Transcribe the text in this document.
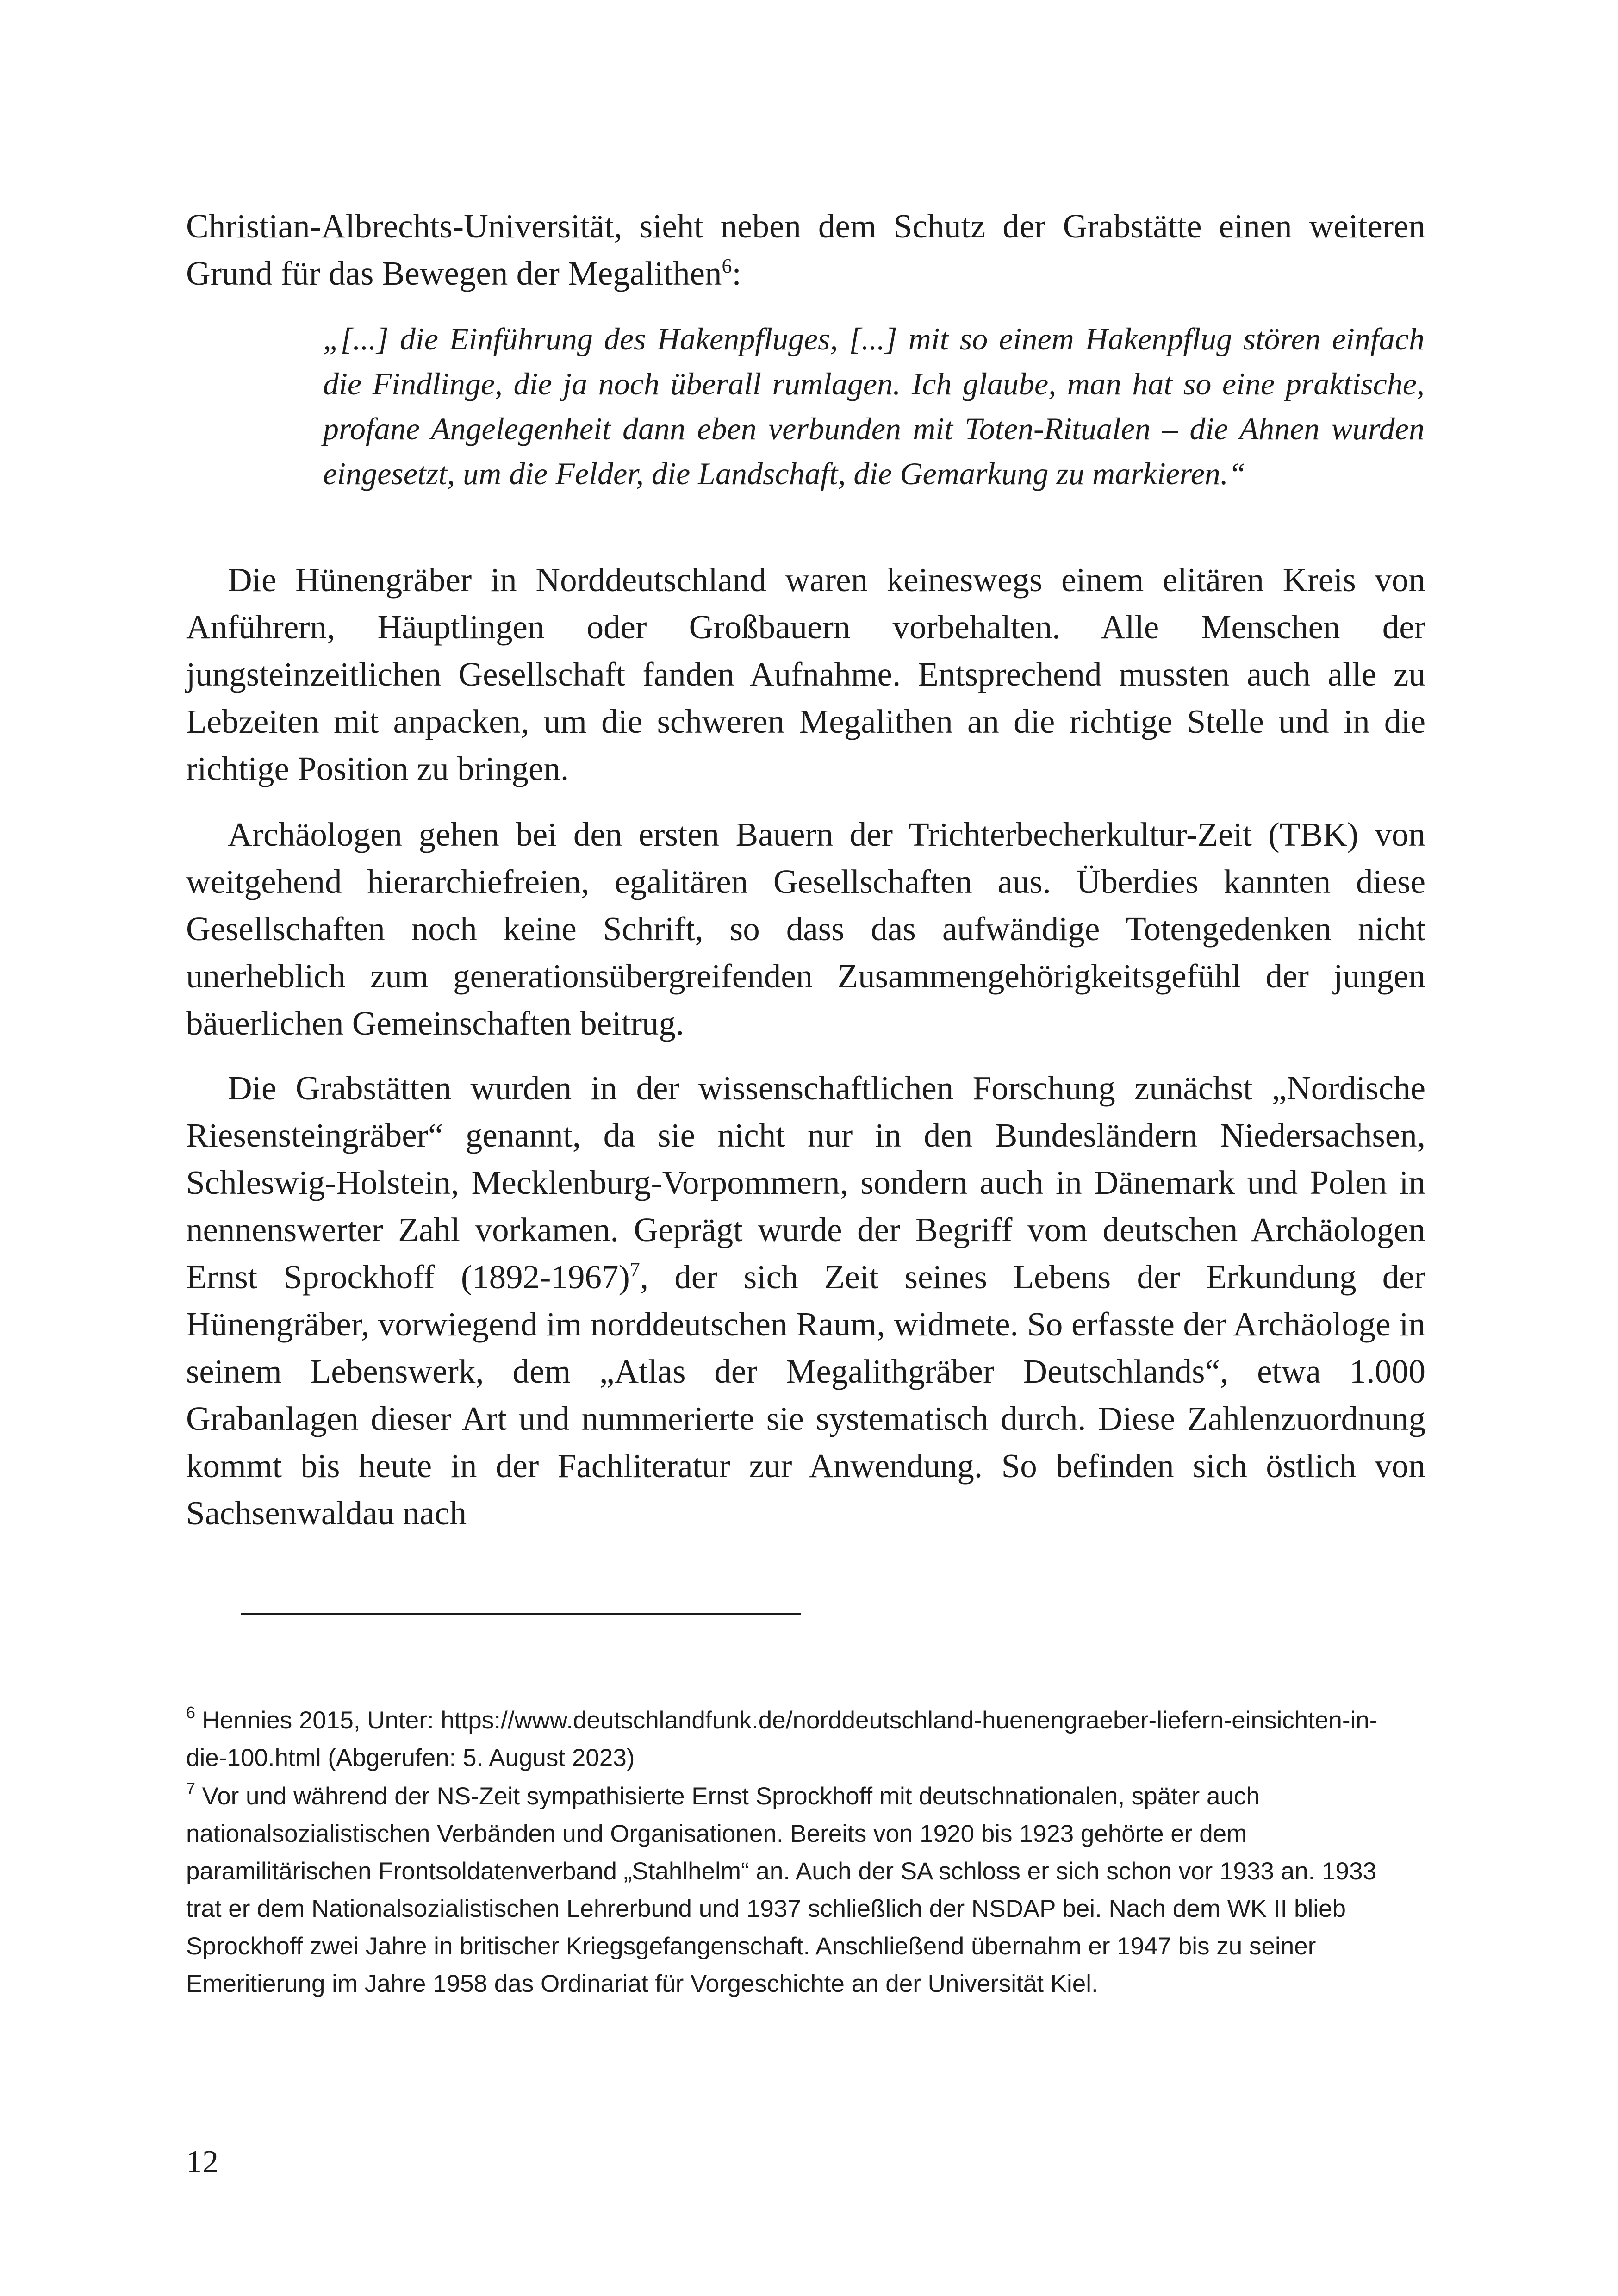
Christian-Albrechts-Universität, sieht neben dem Schutz der Grabstätte einen weiteren Grund für das Bewegen der Megalithen$^6$:

„[...] die Einführung des Hakenpfluges, [...] mit so einem Hakenpflug stören einfach die Findlinge, die ja noch überall rumlagen. Ich glaube, man hat so eine praktische, profane Angelegenheit dann eben verbunden mit Toten-Ritualen – die Ahnen wurden eingesetzt, um die Felder, die Landschaft, die Gemarkung zu markieren.“

Die Hünengräber in Norddeutschland waren keineswegs einem elitären Kreis von Anführern, Häuptlingen oder Großbauern vorbehalten. Alle Menschen der jungsteinzeitlichen Gesellschaft fanden Aufnahme. Entsprechend mussten auch alle zu Lebzeiten mit anpacken, um die schweren Megalithen an die richtige Stelle und in die richtige Position zu bringen.

Archäologen gehen bei den ersten Bauern der Trichterbecherkultur-Zeit (TBK) von weitgehend hierarchiefreien, egalitären Gesellschaften aus. Überdies kannten diese Gesellschaften noch keine Schrift, so dass das aufwändige Totengedenken nicht unerheblich zum generationsübergreifenden Zusammengehörigkeitsgefühl der jungen bäuerlichen Gemeinschaften beitrug.

Die Grabstätten wurden in der wissenschaftlichen Forschung zunächst „Nordische Riesensteingräber“ genannt, da sie nicht nur in den Bundesländern Niedersachsen, Schleswig-Holstein, Mecklenburg-Vorpommern, sondern auch in Dänemark und Polen in nennenswerter Zahl vorkamen. Geprägt wurde der Begriff vom deutschen Archäologen Ernst Sprockhoff (1892-1967)$^7$, der sich Zeit seines Lebens der Erkundung der Hünengräber, vorwiegend im norddeutschen Raum, widmete. So erfasste der Archäologe in seinem Lebenswerk, dem „Atlas der Megalithgräber Deutschlands“, etwa 1.000 Grabanlagen dieser Art und nummerierte sie systematisch durch. Diese Zahlenzuordnung kommt bis heute in der Fachliteratur zur Anwendung. So befinden sich östlich von Sachsenwaldau nach

$^6$ Hennies 2015, Unter: https://www.deutschlandfunk.de/norddeutschland-huenengraeber-liefern-einsichten-in-die-100.html (Abgerufen: 5. August 2023)

$^7$ Vor und während der NS-Zeit sympathisierte Ernst Sprockhoff mit deutschnationalen, später auch nationalsozialistischen Verbänden und Organisationen. Bereits von 1920 bis 1923 gehörte er dem paramilitärischen Frontsoldatenverband „Stahlhelm“ an. Auch der SA schloss er sich schon vor 1933 an. 1933 trat er dem Nationalsozialistischen Lehrerbund und 1937 schließlich der NSDAP bei. Nach dem WK II blieb Sprockhoff zwei Jahre in britischer Kriegsgefangenschaft. Anschließend übernahm er 1947 bis zu seiner Emeritierung im Jahre 1958 das Ordinariat für Vorgeschichte an der Universität Kiel.

12
